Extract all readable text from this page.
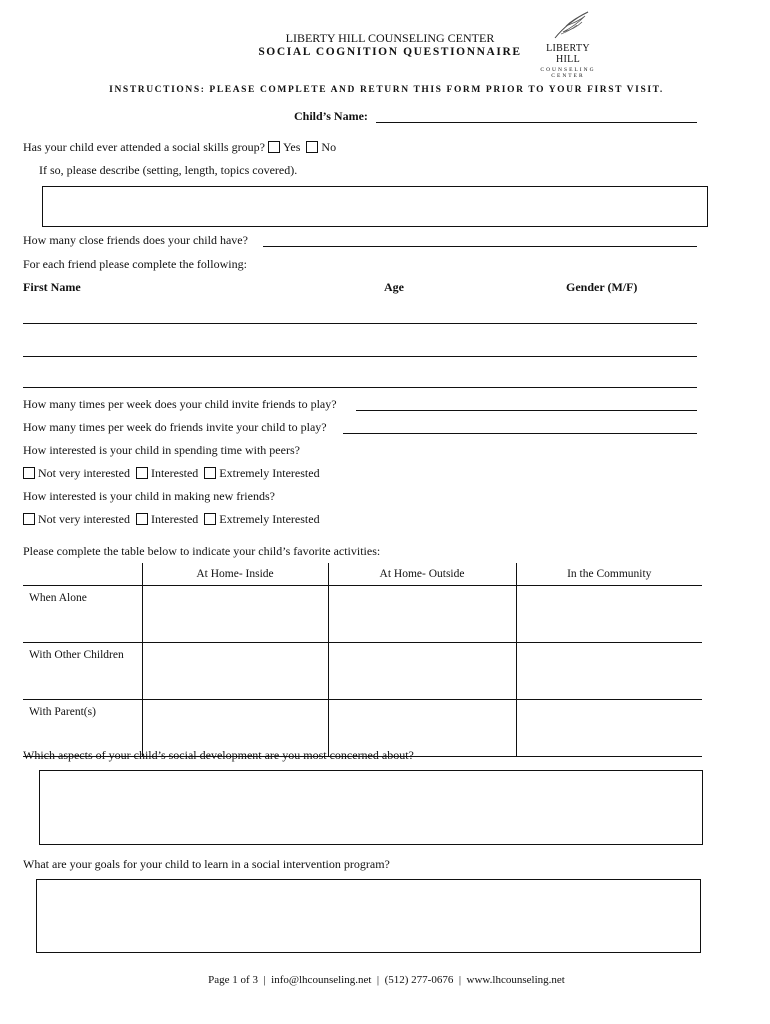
LIBERTY HILL COUNSELING CENTER
SOCIAL COGNITION QUESTIONNAIRE	LIBERTY HILL
COUNSELING
CENTER
INSTRUCTIONS: PLEASE COMPLETE AND RETURN THIS FORM PRIOR TO YOUR FIRST VISIT.
Child’s Name:
Has your child ever attended a social skills group? Yes No
If so, please describe (setting, length, topics covered).
How many close friends does your child have?
For each friend please complete the following:
First Name	Age	Gender (M/F)
How many times per week does your child invite friends to play?
How many times per week do friends invite your child to play?
How interested is your child in spending time with peers?
Not very interested Interested Extremely Interested
How interested is your child in making new friends?
Not very interested Interested Extremely Interested
Please complete the table below to indicate your child’s favorite activities:
	At Home- Inside	At Home- Outside	In the Community
When Alone			
With Other Children			
With Parent(s)			
Which aspects of your child’s social development are you most concerned about?
What are your goals for your child to learn in a social intervention program?
Page 1 of 3  |  info@lhcounseling.net  |  (512) 277-0676  |  www.lhcounseling.net
